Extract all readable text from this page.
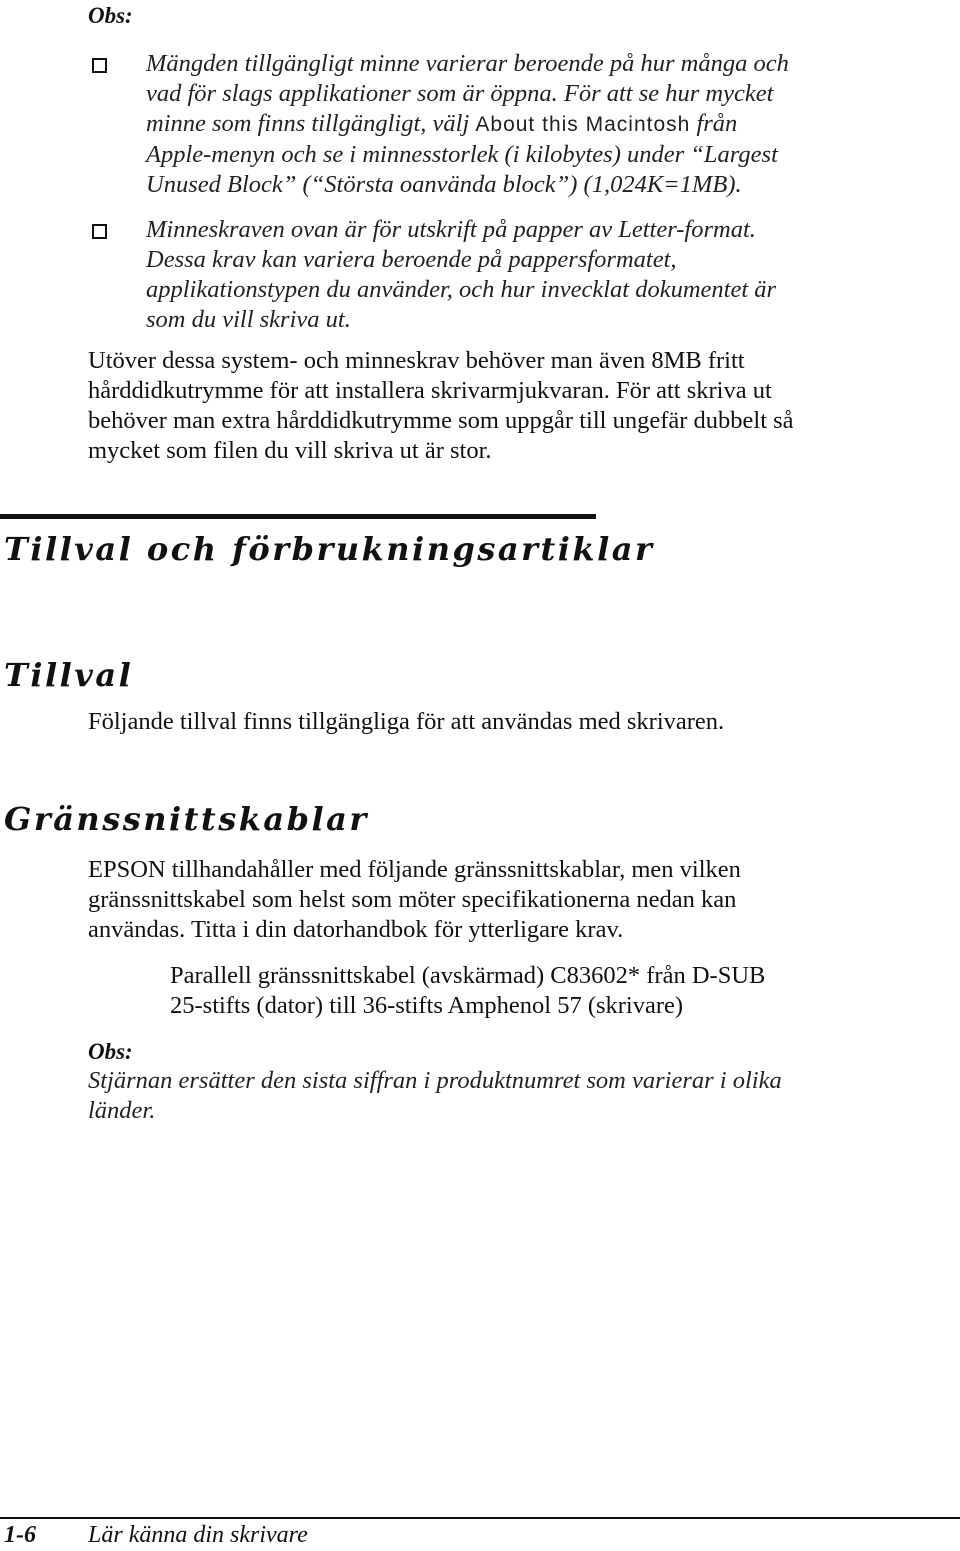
Obs:
Mängden tillgängligt minne varierar beroende på hur många och
vad för slags applikationer som är öppna. För att se hur mycket
minne som finns tillgängligt, välj About this Macintosh från
Apple-menyn och se i minnesstorlek (i kilobytes) under “Largest
Unused Block” (“Största oanvända block”) (1,024K=1MB).
Minneskraven ovan är för utskrift på papper av Letter-format.
Dessa krav kan variera beroende på pappersformatet,
applikationstypen du använder, och hur invecklat dokumentet är
som du vill skriva ut.
Utöver dessa system- och minneskrav behöver man även 8MB fritt
hårddidkutrymme för att installera skrivarmjukvaran. För att skriva ut
behöver man extra hårddidkutrymme som uppgår till ungefär dubbelt så
mycket som filen du vill skriva ut är stor.
Tillval och förbrukningsartiklar
Tillval
Följande tillval finns tillgängliga för att användas med skrivaren.
Gränssnittskablar
EPSON tillhandahåller med följande gränssnittskablar, men vilken
gränssnittskabel som helst som möter specifikationerna nedan kan
användas. Titta i din datorhandbok för ytterligare krav.
Parallell gränssnittskabel (avskärmad) C83602* från D-SUB
25-stifts (dator) till 36-stifts Amphenol 57 (skrivare)
Obs:
Stjärnan ersätter den sista siffran i produktnumret som varierar i olika
länder.
1-6 Lär känna din skrivare
